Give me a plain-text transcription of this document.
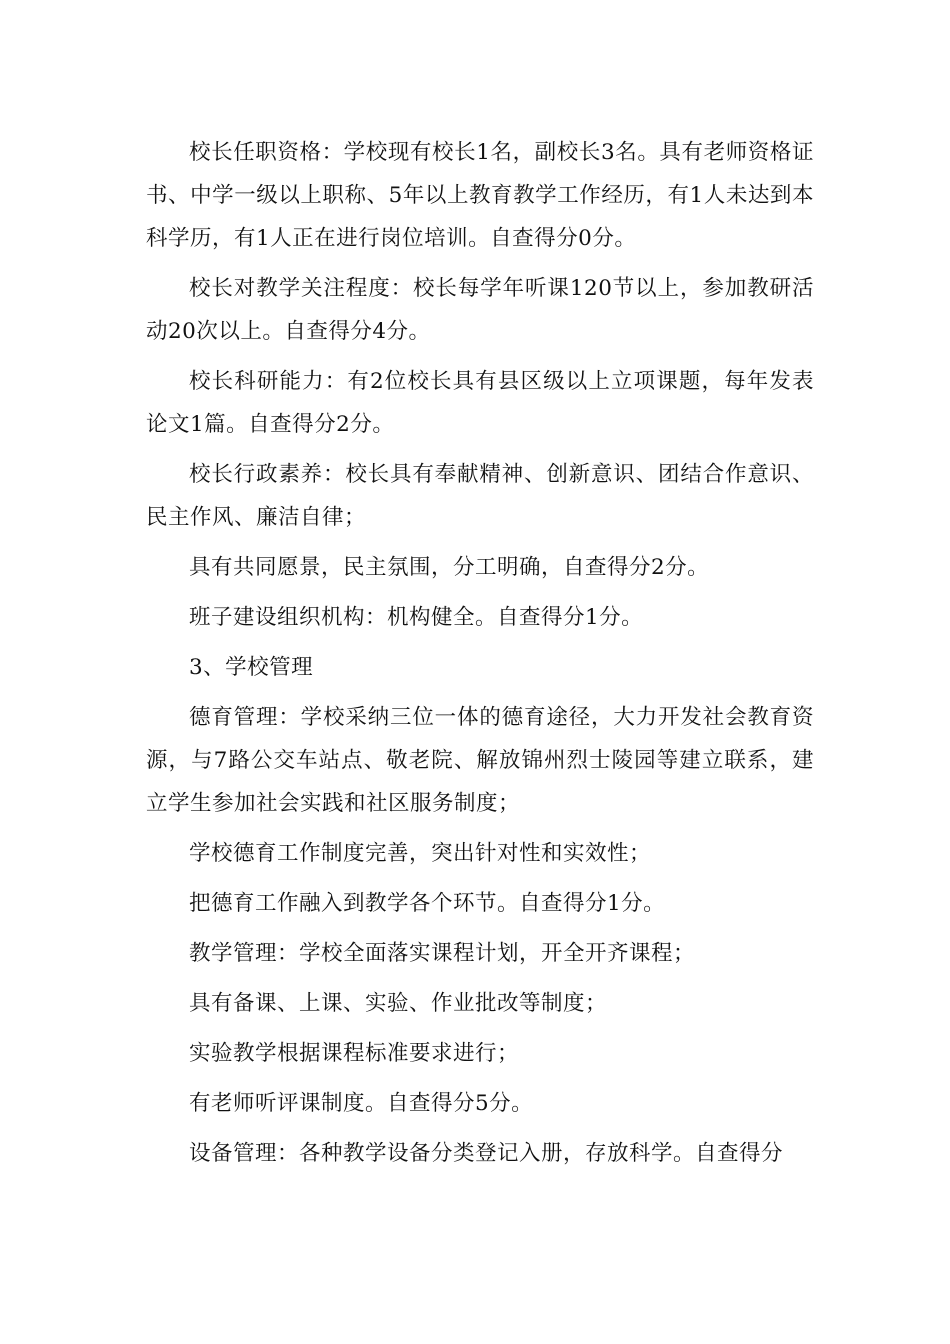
校长任职资格：学校现有校长1名，副校长3名。具有老师资格证书、中学一级以上职称、5年以上教育教学工作经历，有1人未达到本科学历，有1人正在进行岗位培训。自查得分0分。

校长对教学关注程度：校长每学年听课120节以上，参加教研活动20次以上。自查得分4分。

校长科研能力：有2位校长具有县区级以上立项课题，每年发表论文1篇。自查得分2分。

校长行政素养：校长具有奉献精神、创新意识、团结合作意识、民主作风、廉洁自律；

具有共同愿景，民主氛围，分工明确，自查得分2分。

班子建设组织机构：机构健全。自查得分1分。

3、学校管理

德育管理：学校采纳三位一体的德育途径，大力开发社会教育资源，与7路公交车站点、敬老院、解放锦州烈士陵园等建立联系，建立学生参加社会实践和社区服务制度；

学校德育工作制度完善，突出针对性和实效性；

把德育工作融入到教学各个环节。自查得分1分。

教学管理：学校全面落实课程计划，开全开齐课程；

具有备课、上课、实验、作业批改等制度；

实验教学根据课程标准要求进行；

有老师听评课制度。自查得分5分。

设备管理：各种教学设备分类登记入册，存放科学。自查得分
